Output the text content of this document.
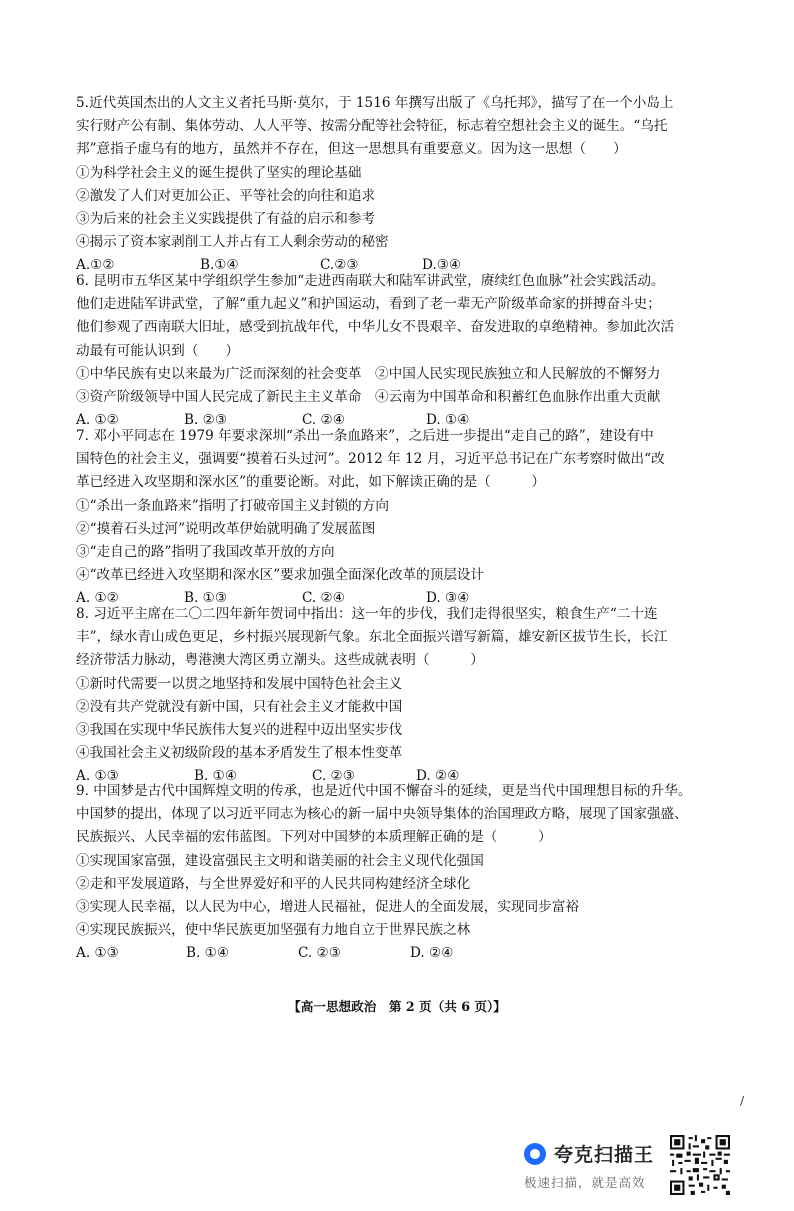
5.近代英国杰出的人文主义者托马斯·莫尔，于 1516 年撰写出版了《乌托邦》，描写了在一个小岛上
实行财产公有制、集体劳动、人人平等、按需分配等社会特征，标志着空想社会主义的诞生。“乌托
邦”意指子虚乌有的地方，虽然并不存在，但这一思想具有重要意义。因为这一思想（　　）
①为科学社会主义的诞生提供了坚实的理论基础
②激发了人们对更加公正、平等社会的向往和追求
③为后来的社会主义实践提供了有益的启示和参考
④揭示了资本家剥削工人并占有工人剩余劳动的秘密
A.①②	B.①④	C.②③	D.③④
6. 昆明市五华区某中学组织学生参加“走进西南联大和陆军讲武堂，赓续红色血脉”社会实践活动。
他们走进陆军讲武堂，了解“重九起义”和护国运动，看到了老一辈无产阶级革命家的拼搏奋斗史；
他们参观了西南联大旧址，感受到抗战年代，中华儿女不畏艰辛、奋发进取的卓绝精神。参加此次活
动最有可能认识到（　　）
①中华民族有史以来最为广泛而深刻的社会变革　②中国人民实现民族独立和人民解放的不懈努力
③资产阶级领导中国人民完成了新民主主义革命　④云南为中国革命和积蓄红色血脉作出重大贡献
A. ①②	B. ②③	C. ②④	D. ①④
7. 邓小平同志在 1979 年要求深圳“杀出一条血路来”，之后进一步提出“走自己的路”，建设有中
国特色的社会主义，强调要“摸着石头过河”。2012 年 12 月，习近平总书记在广东考察时做出“改
革已经进入攻坚期和深水区”的重要论断。对此，如下解读正确的是（　　　）
①“杀出一条血路来”指明了打破帝国主义封锁的方向
②“摸着石头过河”说明改革伊始就明确了发展蓝图
③“走自己的路”指明了我国改革开放的方向
④“改革已经进入攻坚期和深水区”要求加强全面深化改革的顶层设计
A. ①②	B. ①③	C. ②④	D. ③④
8. 习近平主席在二〇二四年新年贺词中指出：这一年的步伐，我们走得很坚实，粮食生产“二十连
丰”，绿水青山成色更足，乡村振兴展现新气象。东北全面振兴谱写新篇，雄安新区拔节生长，长江
经济带活力脉动，粤港澳大湾区勇立潮头。这些成就表明（　　　）
①新时代需要一以贯之地坚持和发展中国特色社会主义
②没有共产党就没有新中国，只有社会主义才能救中国
③我国在实现中华民族伟大复兴的进程中迈出坚实步伐
④我国社会主义初级阶段的基本矛盾发生了根本性变革
A. ①③	B. ①④	C. ②③	D. ②④
9. 中国梦是古代中国辉煌文明的传承，也是近代中国不懈奋斗的延续，更是当代中国理想目标的升华。
中国梦的提出，体现了以习近平同志为核心的新一届中央领导集体的治国理政方略，展现了国家强盛、
民族振兴、人民幸福的宏伟蓝图。下列对中国梦的本质理解正确的是（　　　）
①实现国家富强，建设富强民主文明和谐美丽的社会主义现代化强国
②走和平发展道路，与全世界爱好和平的人民共同构建经济全球化
③实现人民幸福，以人民为中心，增进人民福祉，促进人的全面发展，实现同步富裕
④实现民族振兴，使中华民族更加坚强有力地自立于世界民族之林
A. ①③	B. ①④	C. ②③	D. ②④
【高一思想政治　第 2 页（共 6 页）】
/
夸克扫描王
极速扫描，就是高效
